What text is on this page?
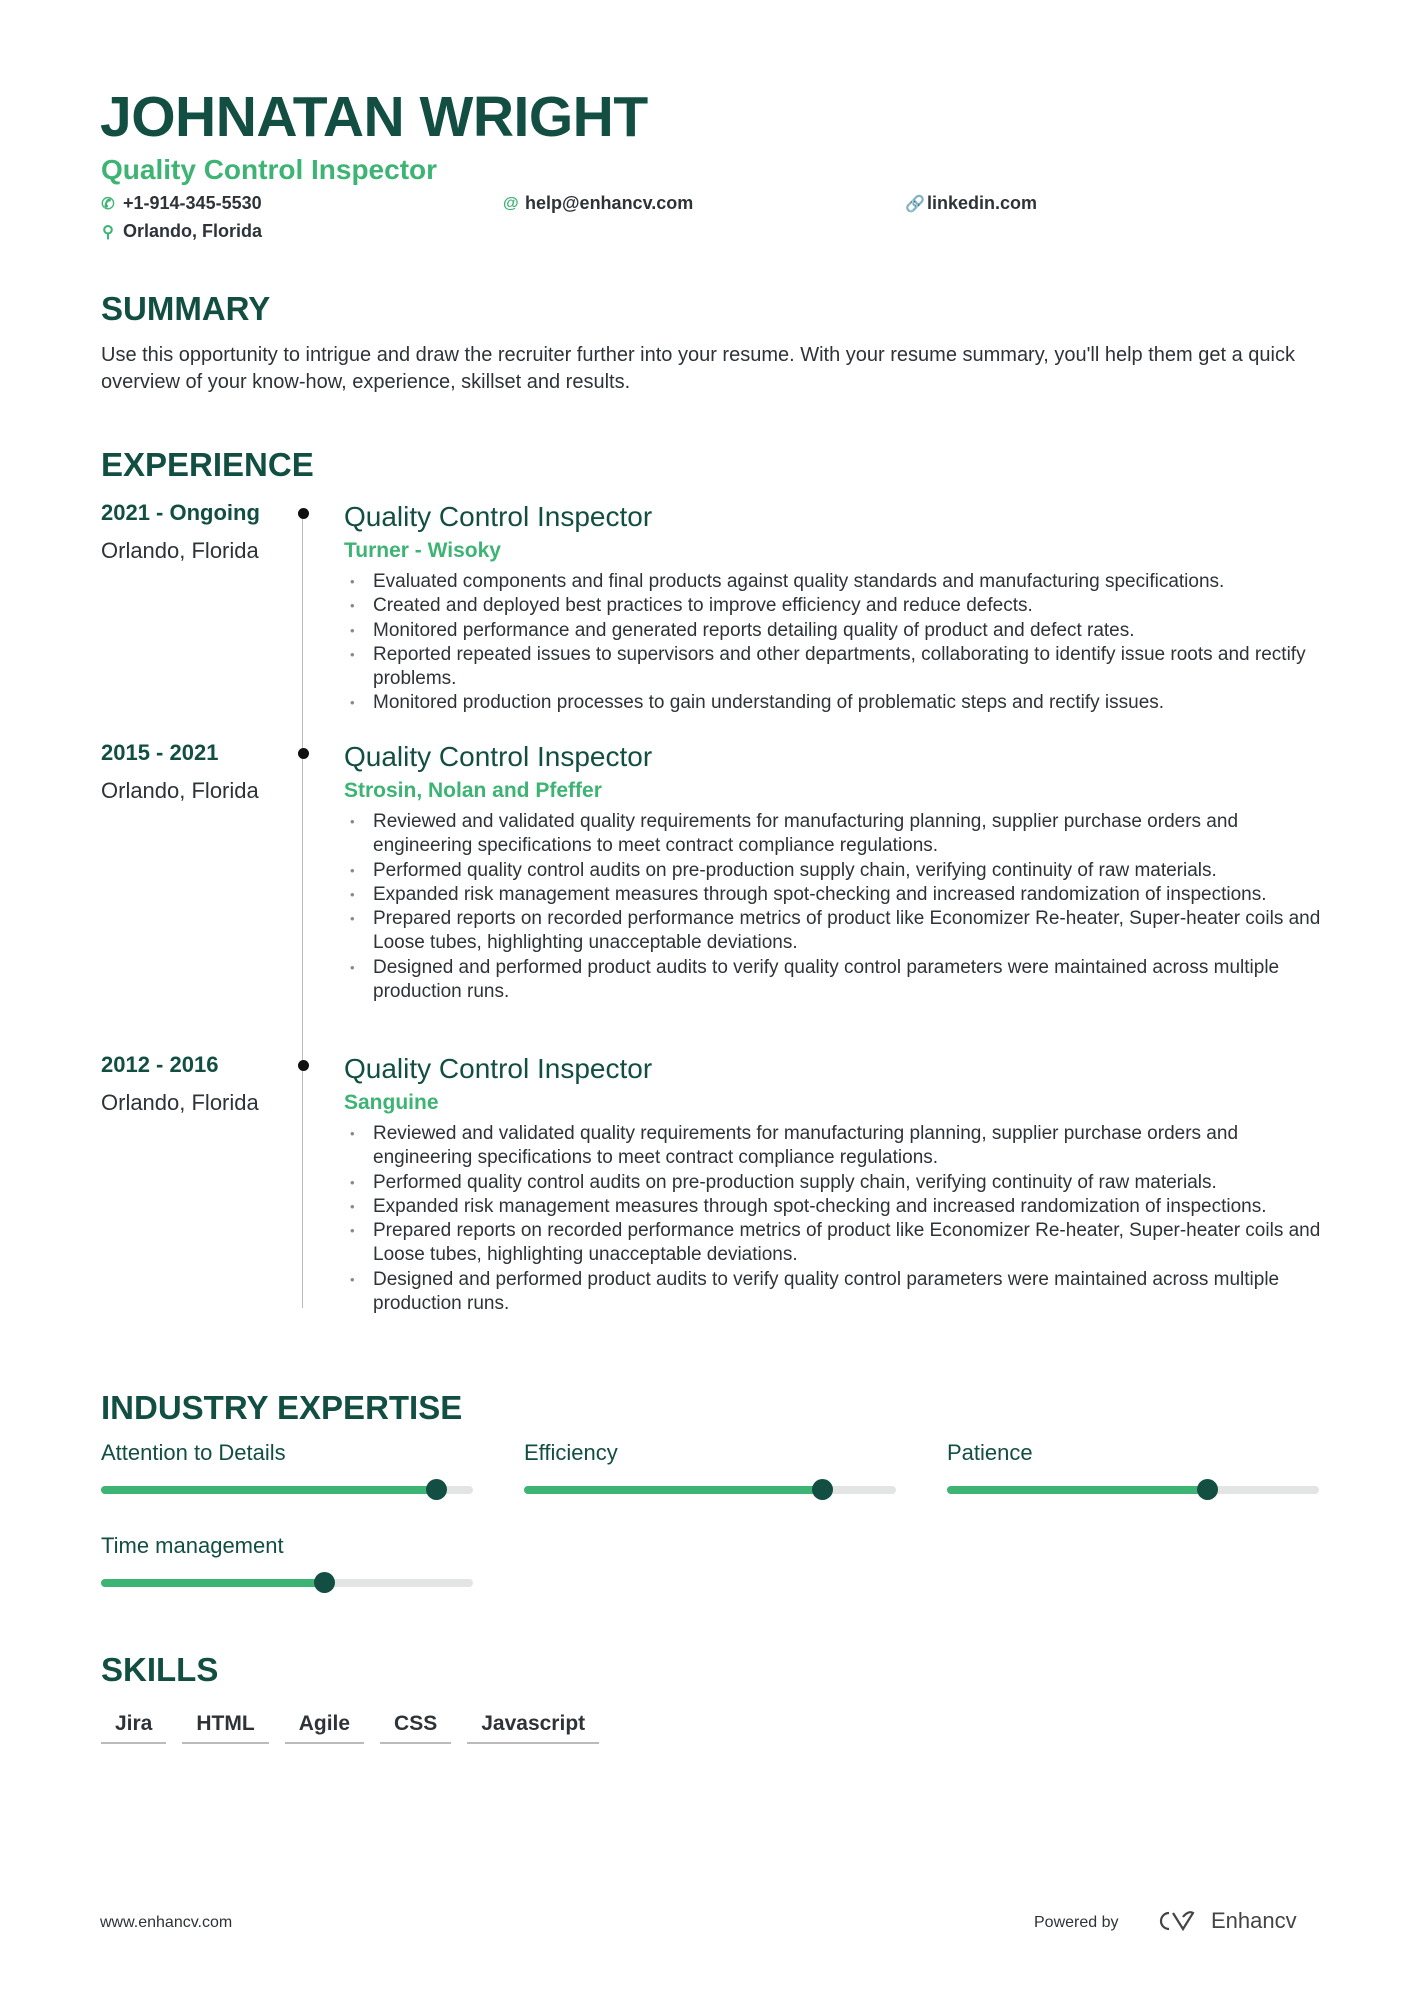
JOHNATAN WRIGHT
Quality Control Inspector
✆ +1-914-345-5530	@ help@enhancv.com	🔗 linkedin.com
⚲ Orlando, Florida
SUMMARY
Use this opportunity to intrigue and draw the recruiter further into your resume. With your resume summary, you'll help them get a quick overview of your know-how, experience, skillset and results.
EXPERIENCE
2021 - Ongoing
Orlando, Florida
Quality Control Inspector
Turner - Wisoky
• Evaluated components and final products against quality standards and manufacturing specifications.
• Created and deployed best practices to improve efficiency and reduce defects.
• Monitored performance and generated reports detailing quality of product and defect rates.
• Reported repeated issues to supervisors and other departments, collaborating to identify issue roots and rectify problems.
• Monitored production processes to gain understanding of problematic steps and rectify issues.
2015 - 2021
Orlando, Florida
Quality Control Inspector
Strosin, Nolan and Pfeffer
• Reviewed and validated quality requirements for manufacturing planning, supplier purchase orders and engineering specifications to meet contract compliance regulations.
• Performed quality control audits on pre-production supply chain, verifying continuity of raw materials.
• Expanded risk management measures through spot-checking and increased randomization of inspections.
• Prepared reports on recorded performance metrics of product like Economizer Re-heater, Super-heater coils and Loose tubes, highlighting unacceptable deviations.
• Designed and performed product audits to verify quality control parameters were maintained across multiple production runs.
2012 - 2016
Orlando, Florida
Quality Control Inspector
Sanguine
• Reviewed and validated quality requirements for manufacturing planning, supplier purchase orders and engineering specifications to meet contract compliance regulations.
• Performed quality control audits on pre-production supply chain, verifying continuity of raw materials.
• Expanded risk management measures through spot-checking and increased randomization of inspections.
• Prepared reports on recorded performance metrics of product like Economizer Re-heater, Super-heater coils and Loose tubes, highlighting unacceptable deviations.
• Designed and performed product audits to verify quality control parameters were maintained across multiple production runs.
INDUSTRY EXPERTISE
Attention to Details	Efficiency	Patience
Time management
SKILLS
Jira	HTML	Agile	CSS	Javascript
www.enhancv.com	Powered by	Enhancv
